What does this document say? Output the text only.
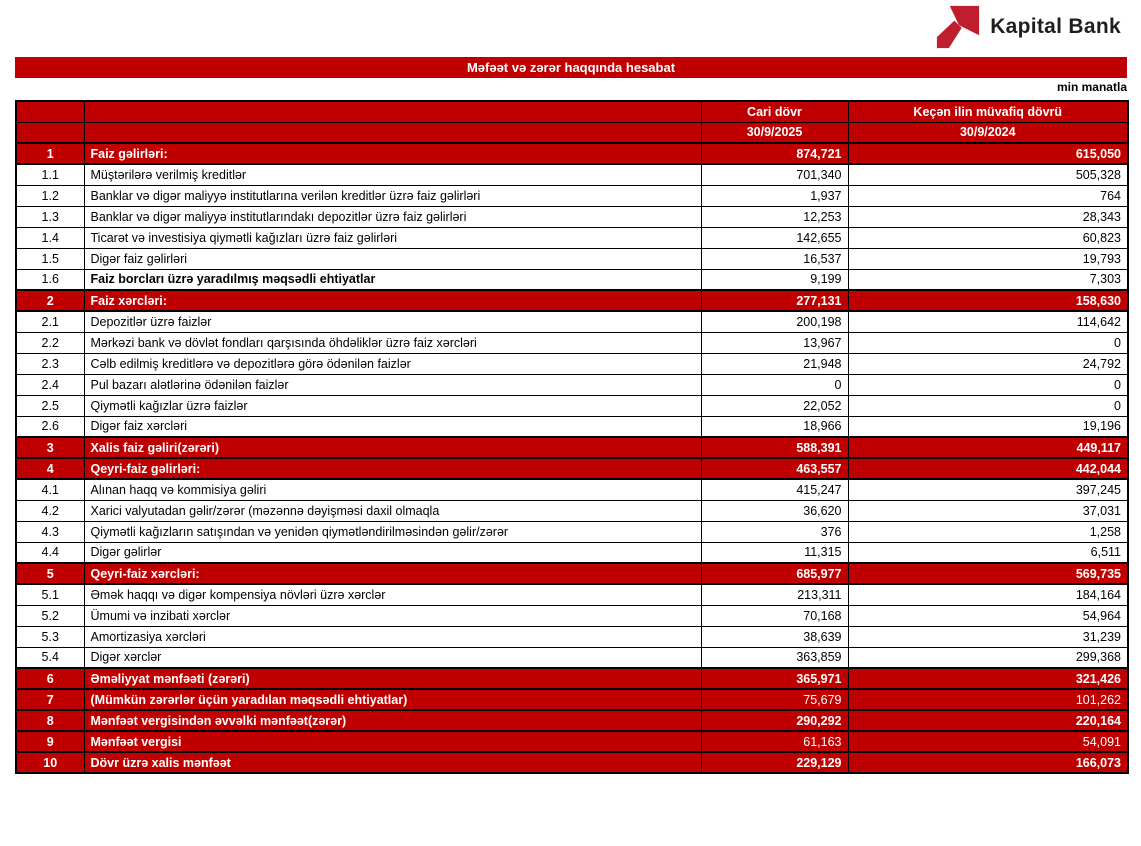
Kapital Bank
Məfəət və zərər haqqında hesabat
min manatla
		Cari dövr	Keçən ilin müvafiq dövrü
		30/9/2025	30/9/2024
1	Faiz gəlirləri:	874,721	615,050
1.1	Müştərilərə verilmiş kreditlər	701,340	505,328
1.2	Banklar və digər maliyyə institutlarına verilən kreditlər üzrə faiz gəlirləri	1,937	764
1.3	Banklar və digər maliyyə institutlarındakı depozitlər üzrə faiz gəlirləri	12,253	28,343
1.4	Ticarət və investisiya qiymətli kağızları üzrə faiz gəlirləri	142,655	60,823
1.5	Digər faiz gəlirləri	16,537	19,793
1.6	Faiz borcları üzrə yaradılmış məqsədli ehtiyatlar	9,199	7,303
2	Faiz xərcləri:	277,131	158,630
2.1	Depozitlər üzrə faizlər	200,198	114,642
2.2	Mərkəzi bank və dövlət fondları qarşısında öhdəliklər üzrə faiz xərcləri	13,967	0
2.3	Cəlb edilmiş kreditlərə və depozitlərə görə ödənilən faizlər	21,948	24,792
2.4	Pul bazarı alətlərinə ödənilən faizlər	0	0
2.5	Qiymətli kağızlar üzrə faizlər	22,052	0
2.6	Digər faiz xərcləri	18,966	19,196
3	Xalis faiz gəliri(zərəri)	588,391	449,117
4	Qeyri-faiz gəlirləri:	463,557	442,044
4.1	Alınan haqq və kommisiya gəliri	415,247	397,245
4.2	Xarici valyutadan gəlir/zərər (məzənnə dəyişməsi daxil olmaqla	36,620	37,031
4.3	Qiymətli kağızların satışından və yenidən qiymətləndirilməsindən gəlir/zərər	376	1,258
4.4	Digər gəlirlər	11,315	6,511
5	Qeyri-faiz xərcləri:	685,977	569,735
5.1	Əmək haqqı və digər kompensiya növləri üzrə xərclər	213,311	184,164
5.2	Ümumi və inzibati xərclər	70,168	54,964
5.3	Amortizasiya xərcləri	38,639	31,239
5.4	Digər xərclər	363,859	299,368
6	Əməliyyat mənfəəti (zərəri)	365,971	321,426
7	(Mümkün zərərlər üçün yaradılan məqsədli ehtiyatlar)	75,679	101,262
8	Mənfəət vergisindən əvvəlki mənfəət(zərər)	290,292	220,164
9	Mənfəət vergisi	61,163	54,091
10	Dövr üzrə xalis mənfəət	229,129	166,073
